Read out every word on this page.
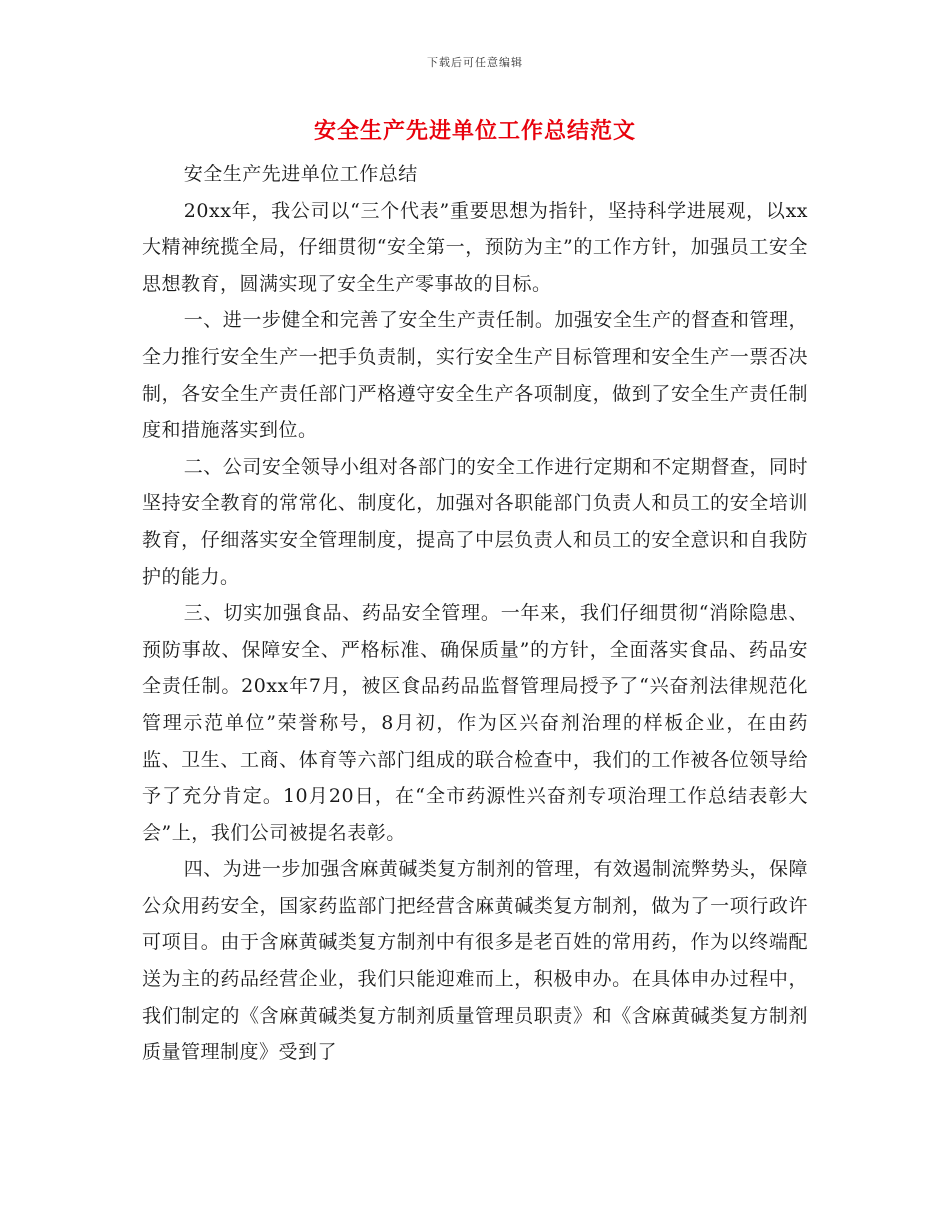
下载后可任意编辑
安全生产先进单位工作总结范文

安全生产先进单位工作总结

20xx年，我公司以“三个代表”重要思想为指针，坚持科学进展观，以xx大精神统揽全局，仔细贯彻“安全第一，预防为主”的工作方针，加强员工安全思想教育，圆满实现了安全生产零事故的目标。

一、进一步健全和完善了安全生产责任制。加强安全生产的督查和管理，全力推行安全生产一把手负责制，实行安全生产目标管理和安全生产一票否决制，各安全生产责任部门严格遵守安全生产各项制度，做到了安全生产责任制度和措施落实到位。

二、公司安全领导小组对各部门的安全工作进行定期和不定期督查，同时坚持安全教育的常常化、制度化，加强对各职能部门负责人和员工的安全培训教育，仔细落实安全管理制度，提高了中层负责人和员工的安全意识和自我防护的能力。

三、切实加强食品、药品安全管理。一年来，我们仔细贯彻“消除隐患、预防事故、保障安全、严格标准、确保质量”的方针，全面落实食品、药品安全责任制。20xx年7月，被区食品药品监督管理局授予了“兴奋剂法律规范化管理示范单位”荣誉称号，8月初，作为区兴奋剂治理的样板企业，在由药监、卫生、工商、体育等六部门组成的联合检查中，我们的工作被各位领导给予了充分肯定。10月20日，在“全市药源性兴奋剂专项治理工作总结表彰大会”上，我们公司被提名表彰。

四、为进一步加强含麻黄碱类复方制剂的管理，有效遏制流弊势头，保障公众用药安全，国家药监部门把经营含麻黄碱类复方制剂，做为了一项行政许可项目。由于含麻黄碱类复方制剂中有很多是老百姓的常用药，作为以终端配送为主的药品经营企业，我们只能迎难而上，积极申办。在具体申办过程中，我们制定的《含麻黄碱类复方制剂质量管理员职责》和《含麻黄碱类复方制剂质量管理制度》受到了
